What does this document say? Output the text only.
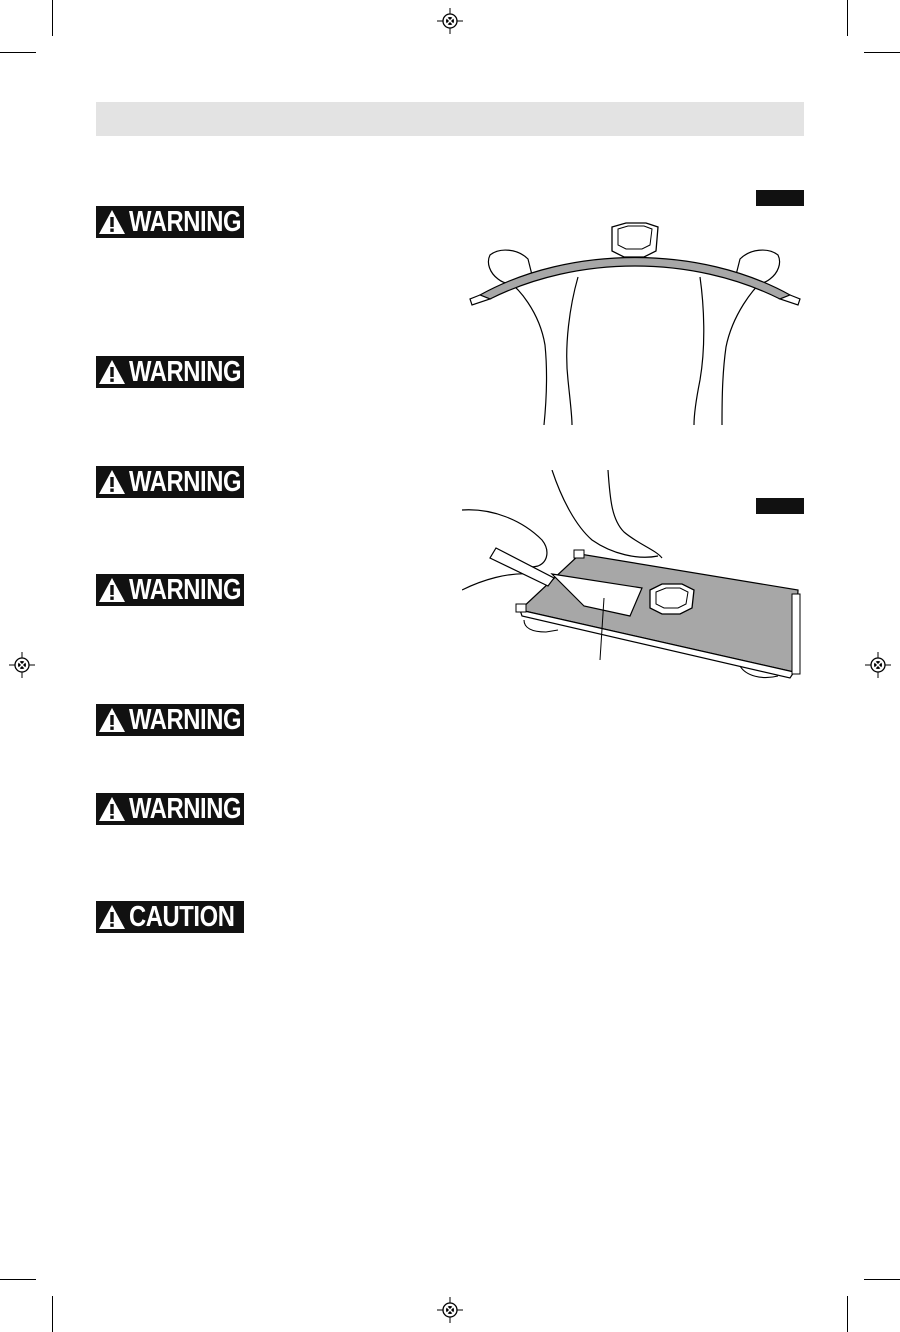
WARNING
WARNING
WARNING
WARNING
WARNING
WARNING
CAUTION
